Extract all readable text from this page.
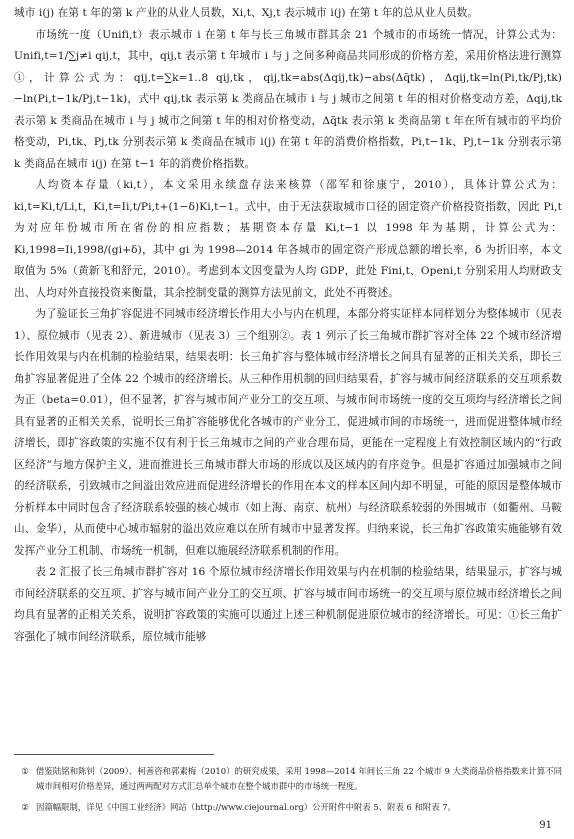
城市 i(j) 在第 t 年的第 k 产业的从业人员数，Xi,t、Xj,t 表示城市 i(j) 在第 t 年的总从业人员数。

市场统一度（Unifi,t）表示城市 i 在第 t 年与长三角城市群其余 21 个城市的市场统一情况，计算公式为：Unifi,t=1/∑j≠i qij,t，其中，qij,t 表示第 t 年城市 i 与 j 之间多种商品共同形成的价格方差，采用价格法进行测算①，计算公式为：qij,t=∑k=1..8 qij,tk，qij,tk=abs(Δqij,tk)−abs(Δq̄tk)，Δqij,tk=ln(Pi,tk/Pj,tk)−ln(Pi,t−1k/Pj,t−1k)，式中 qij,tk 表示第 k 类商品在城市 i 与 j 城市之间第 t 年的相对价格变动方差，Δqij,tk 表示第 k 类商品在城市 i 与 j 城市之间第 t 年的相对价格变动，Δq̄tk 表示第 k 类商品第 t 年在所有城市的平均价格变动，Pi,tk、Pj,tk 分别表示第 k 类商品在城市 i(j) 在第 t 年的消费价格指数，Pi,t−1k、Pj,t−1k 分别表示第 k 类商品在城市 i(j) 在第 t−1 年的消费价格指数。

人均资本存量（ki,t），本文采用永续盘存法来核算（邵军和徐康宁，2010），具体计算公式为：ki,t=Ki,t/Li,t，Ki,t=Ii,t/Pi,t+(1−δ)Ki,t−1。式中，由于无法获取城市口径的固定资产价格投资指数，因此 Pi,t 为对应年份城市所在省份的相应指数；基期资本存量 Ki,t−1 以 1998 年为基期，计算公式为：Ki,1998=Ii,1998/(gi+δ)，其中 gi 为 1998—2014 年各城市的固定资产形成总额的增长率，δ 为折旧率，本文取值为 5%（黄新飞和舒元，2010）。考虑到本文因变量为人均 GDP，此处 Fini,t、Openi,t 分别采用人均财政支出、人均对外直接投资来衡量，其余控制变量的测算方法见前文，此处不再赘述。

为了验证长三角扩容促进不同城市经济增长作用大小与内在机理，本部分将实证样本同样划分为整体城市（见表 1）、原位城市（见表 2）、新进城市（见表 3）三个组别②。表 1 列示了长三角城市群扩容对全体 22 个城市经济增长作用效果与内在机制的检验结果，结果表明：长三角扩容与整体城市经济增长之间具有显著的正相关关系，即长三角扩容显著促进了全体 22 个城市的经济增长。从三种作用机制的回归结果看，扩容与城市间经济联系的交互项系数为正（beta=0.01），但不显著，扩容与城市间产业分工的交互项、与城市间市场统一度的交互项均与经济增长之间具有显著的正相关关系，说明长三角扩容能够优化各城市的产业分工、促进城市间的市场统一，进而促进整体城市经济增长，即扩容政策的实施不仅有利于长三角城市之间的产业合理布局，更能在一定程度上有效控制区域内的“行政区经济”与地方保护主义，进而推进长三角城市群大市场的形成以及区域内的有序竞争。但是扩容通过加强城市之间的经济联系，引致城市之间溢出效应进而促进经济增长的作用在本文的样本区间内却不明显，可能的原因是整体城市分析样本中同时包含了经济联系较强的核心城市（如上海、南京、杭州）与经济联系较弱的外围城市（如衢州、马鞍山、金华），从而使中心城市辐射的溢出效应难以在所有城市中显著发挥。归纳来说，长三角扩容政策实施能够有效发挥产业分工机制、市场统一机制，但难以施展经济联系机制的作用。

表 2 汇报了长三角城市群扩容对 16 个原位城市经济增长作用效果与内在机制的检验结果，结果显示，扩容与城市间经济联系的交互项、扩容与城市间产业分工的交互项、扩容与城市间市场统一的交互项与原位城市经济增长之间均具有显著的正相关关系，说明扩容政策的实施可以通过上述三种机制促进原位城市的经济增长。可见：①长三角扩容强化了城市间经济联系，原位城市能够

① 借鉴陆铭和陈钊（2009）、柯善咨和郭素梅（2010）的研究成果，采用 1998—2014 年间长三角 22 个城市 9 大类商品价格指数来计算不同城市间相对价格差异，通过两两配对方式汇总单个城市在整个城市群中的市场统一程度。
② 因篇幅限制，详见《中国工业经济》网站（http://www.ciejournal.org）公开附件中附表 5、附表 6 和附表 7。
91
